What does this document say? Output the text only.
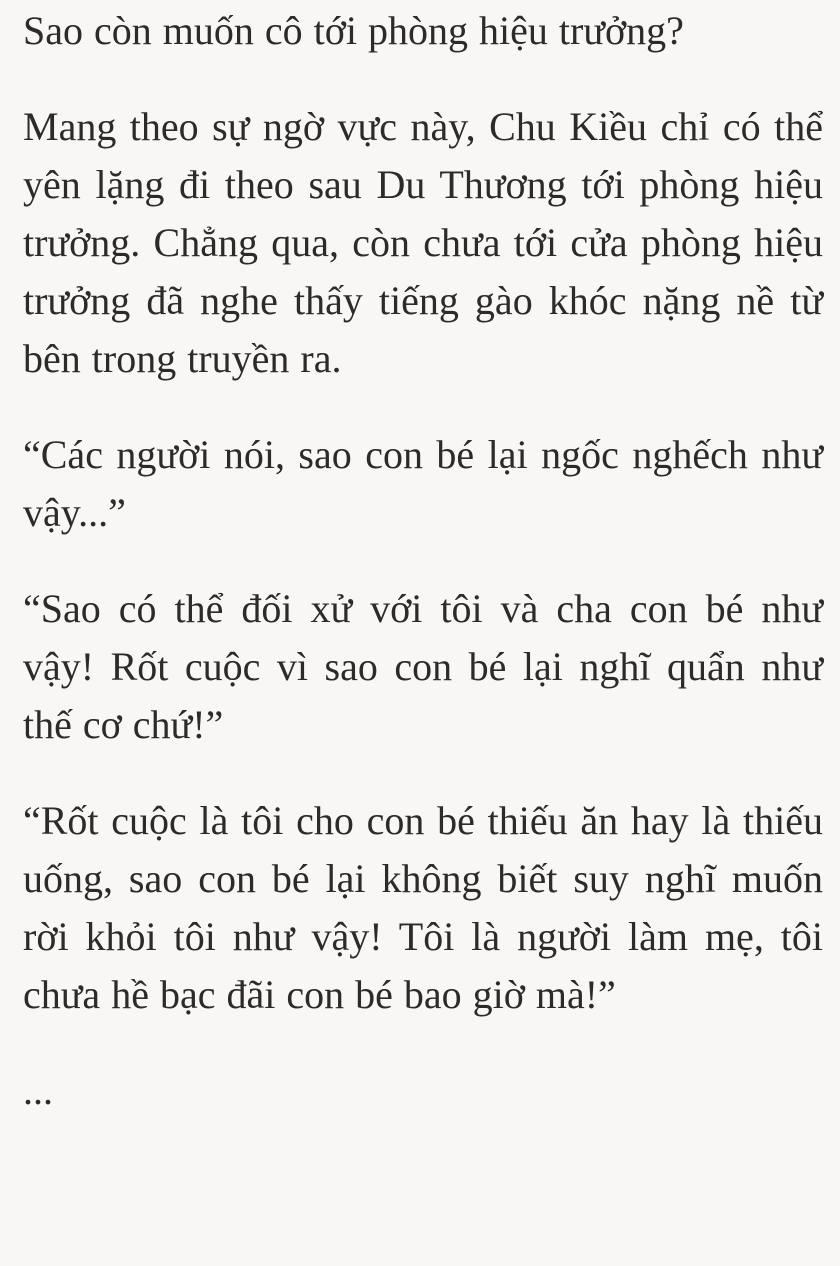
Sao còn muốn cô tới phòng hiệu trưởng?

Mang theo sự ngờ vực này, Chu Kiều chỉ có thể yên lặng đi theo sau Du Thương tới phòng hiệu trưởng. Chẳng qua, còn chưa tới cửa phòng hiệu trưởng đã nghe thấy tiếng gào khóc nặng nề từ bên trong truyền ra.

“Các người nói, sao con bé lại ngốc nghếch như vậy...”

“Sao có thể đối xử với tôi và cha con bé như vậy! Rốt cuộc vì sao con bé lại nghĩ quẩn như thế cơ chứ!”

“Rốt cuộc là tôi cho con bé thiếu ăn hay là thiếu uống, sao con bé lại không biết suy nghĩ muốn rời khỏi tôi như vậy! Tôi là người làm mẹ, tôi chưa hề bạc đãi con bé bao giờ mà!”

...
